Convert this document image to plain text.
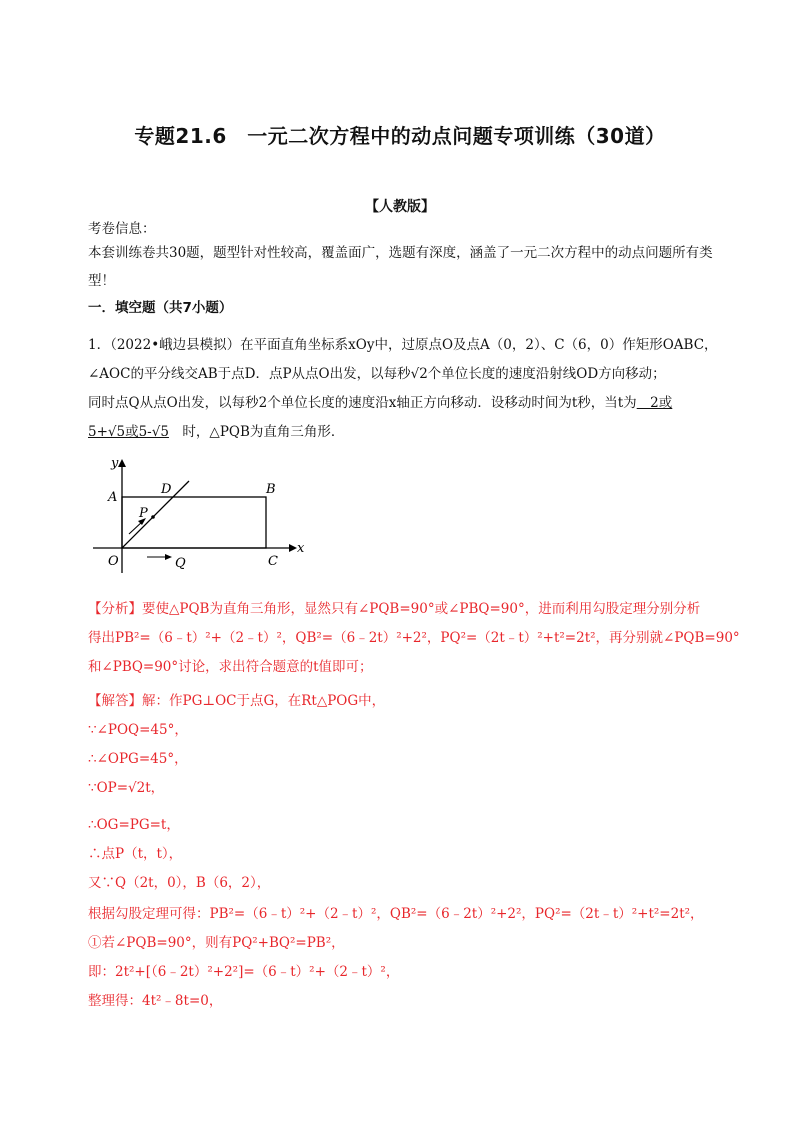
专题21.6　一元二次方程中的动点问题专项训练（30道）
【人教版】
考卷信息：
本套训练卷共30题，题型针对性较高，覆盖面广，选题有深度，涵盖了一元二次方程中的动点问题所有类
型！
一．填空题（共7小题）
1．（2022•峨边县模拟）在平面直角坐标系xOy中，过原点O及点A（0，2）、C（6，0）作矩形OABC，
∠AOC的平分线交AB于点D．点P从点O出发，以每秒√2个单位长度的速度沿射线OD方向移动；
同时点Q从点O出发，以每秒2个单位长度的速度沿x轴正方向移动．设移动时间为t秒，当t为　2或
5+√5或5-√5　时，△PQB为直角三角形．
y
x
A
B
C
D
P
O	Q
【分析】要使△PQB为直角三角形，显然只有∠PQB=90°或∠PBQ=90°，进而利用勾股定理分别分析
得出PB²=（6﹣t）²+（2﹣t）²，QB²=（6﹣2t）²+2²，PQ²=（2t﹣t）²+t²=2t²，再分别就∠PQB=90°
和∠PBQ=90°讨论，求出符合题意的t值即可；
【解答】解：作PG⊥OC于点G，在Rt△POG中，
∵∠POQ=45°，
∴∠OPG=45°，
∵OP=√2t，
∴OG=PG=t，
∴点P（t，t），
又∵Q（2t，0），B（6，2），
根据勾股定理可得：PB²=（6﹣t）²+（2﹣t）²，QB²=（6﹣2t）²+2²，PQ²=（2t﹣t）²+t²=2t²，
①若∠PQB=90°，则有PQ²+BQ²=PB²，
即：2t²+[（6﹣2t）²+2²]=（6﹣t）²+（2﹣t）²，
整理得：4t²﹣8t=0，
